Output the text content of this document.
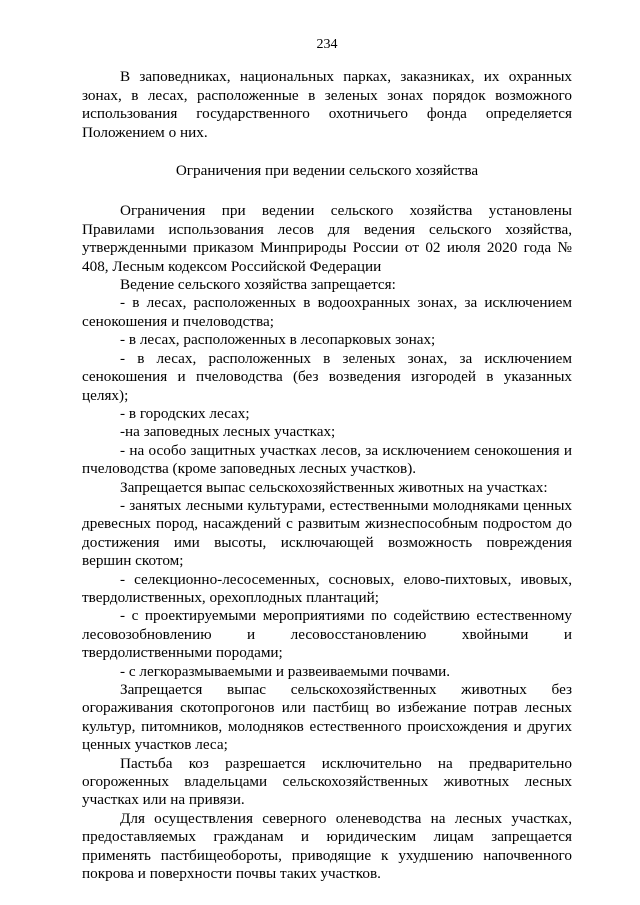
234

В заповедниках, национальных парках, заказниках, их охранных зонах, в лесах, расположенные в зеленых зонах порядок возможного использования государственного охотничьего фонда определяется Положением о них.

Ограничения при ведении сельского хозяйства

Ограничения при ведении сельского хозяйства установлены Правилами использования лесов для ведения сельского хозяйства, утвержденными приказом Минприроды России от 02 июля 2020 года № 408, Лесным кодексом Российской Федерации

Ведение сельского хозяйства запрещается:

- в лесах, расположенных в водоохранных зонах, за исключением сенокошения и пчеловодства;

- в лесах, расположенных в лесопарковых зонах;

- в лесах, расположенных в зеленых зонах, за исключением сенокошения и пчеловодства (без возведения изгородей в указанных целях);

- в городских лесах;

-на заповедных лесных участках;

- на особо защитных участках лесов, за исключением сенокошения и пчеловодства (кроме заповедных лесных участков).

Запрещается выпас сельскохозяйственных животных на участках:

- занятых лесными культурами, естественными молодняками ценных древесных пород, насаждений с развитым жизнеспособным подростом до достижения ими высоты, исключающей возможность повреждения вершин скотом;

- селекционно-лесосеменных, сосновых, елово-пихтовых, ивовых, твердолиственных, орехоплодных плантаций;

- с проектируемыми мероприятиями по содействию естественному лесовозобновлению и лесовосстановлению хвойными и твердолиственными породами;

- с легкоразмываемыми и развеиваемыми почвами.

Запрещается выпас сельскохозяйственных животных без огораживания скотопрогонов или пастбищ во избежание потрав лесных культур, питомников, молодняков естественного происхождения и других ценных участков леса;

Пастьба коз разрешается исключительно на предварительно огороженных владельцами сельскохозяйственных животных лесных участках или на привязи.

Для осуществления северного оленеводства на лесных участках, предоставляемых гражданам и юридическим лицам запрещается применять пастбищеобороты, приводящие к ухудшению напочвенного покрова и поверхности почвы таких участков.
